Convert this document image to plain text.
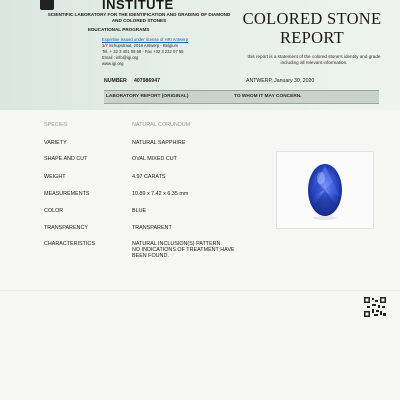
INSTITUTE
SCIENTIFIC LABORATORY FOR THE IDENTIFICATION AND GRADING OF DIAMOND AND COLORED STONES
EDUCATIONAL PROGRAMS
Expertise issued under license of HRI Antwerp
1/7 Schupstraat, 2018 Antwerp - Belgium
Tel. + 32 3 401 08 68 - Fax +32 3 232 07 58
Email : info@igi.org
www.igi.org
COLORED STONE
REPORT
this report is a statement of the colored stone's identity and grade including all relevant information.
NUMBER 407986947	ANTWERP, January 30, 2020
LABORATORY REPORT (ORIGINAL)	TO WHOM IT MAY CONCERN.
SPECIES	NATURAL CORUNDUM
VARIETY	NATURAL SAPPHIRE
SHAPE AND CUT	OVAL MIXED CUT
WEIGHT	4.97 CARATS
MEASUREMENTS	10.89 x 7.42 x 6.35 mm
COLOR	BLUE
TRANSPARENCY	TRANSPARENT
CHARACTERISTICS	NATURAL INCLUSION(S) PATTERN.
NO INDICATIONS OF TREATMENT HAVE
BEEN FOUND.
